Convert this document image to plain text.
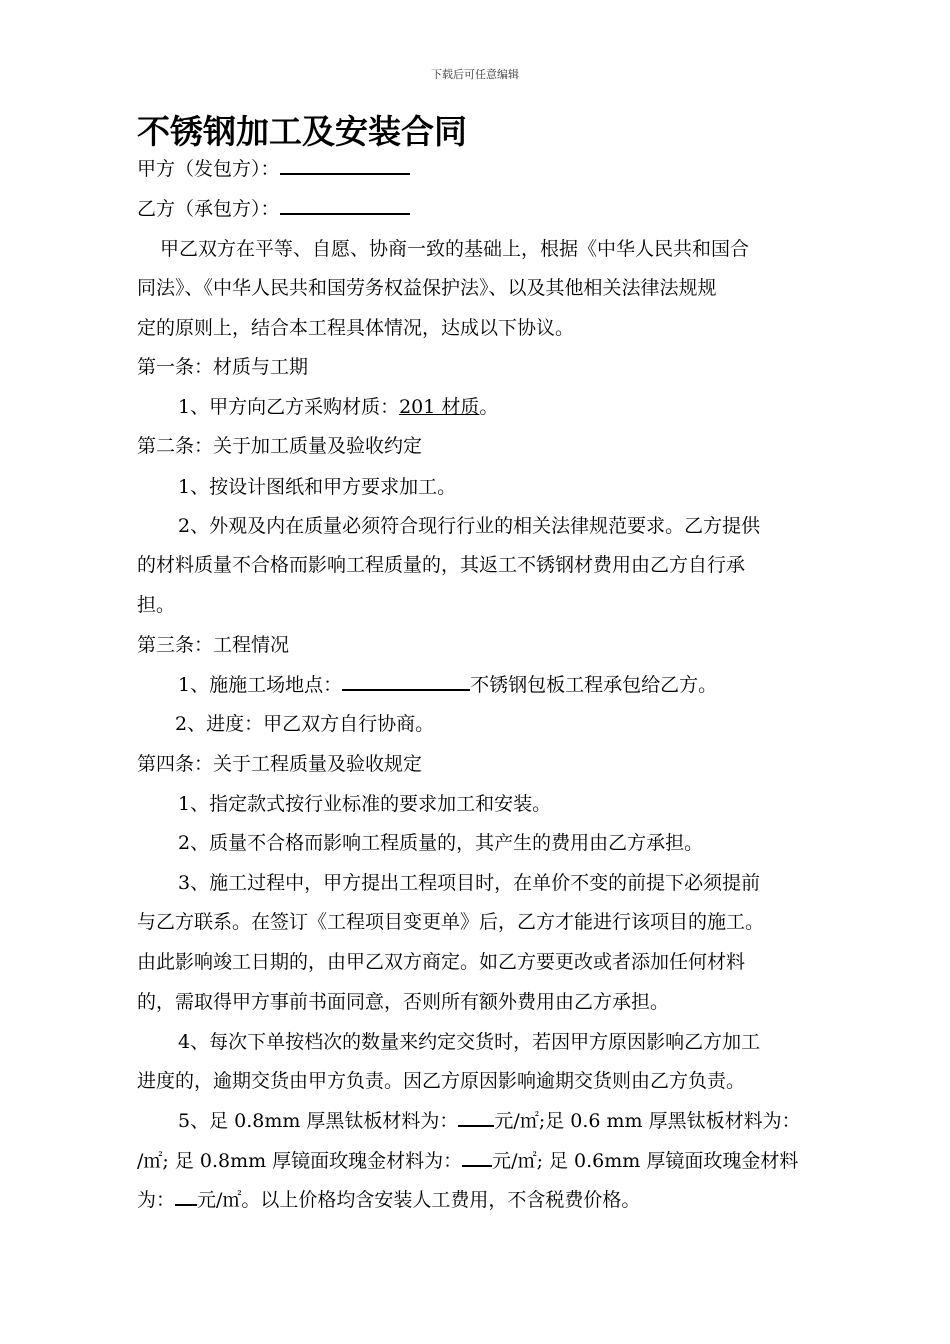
下载后可任意编辑
不锈钢加工及安装合同
甲方（发包方）：
乙方（承包方）：
甲乙双方在平等、自愿、协商一致的基础上，根据《中华人民共和国合
同法》、《中华人民共和国劳务权益保护法》、以及其他相关法律法规规
定的原则上，结合本工程具体情况，达成以下协议。
第一条：材质与工期
1、甲方向乙方采购材质：201 材质。
第二条：关于加工质量及验收约定
1、按设计图纸和甲方要求加工。
2、外观及内在质量必须符合现行行业的相关法律规范要求。乙方提供
的材料质量不合格而影响工程质量的，其返工不锈钢材费用由乙方自行承
担。
第三条：工程情况
1、施施工场地点：	不锈钢包板工程承包给乙方。
2、进度：甲乙双方自行协商。
第四条：关于工程质量及验收规定
1、指定款式按行业标准的要求加工和安装。
2、质量不合格而影响工程质量的，其产生的费用由乙方承担。
3、施工过程中，甲方提出工程项目时，在单价不变的前提下必须提前
与乙方联系。在签订《工程项目变更单》后，乙方才能进行该项目的施工。
由此影响竣工日期的，由甲乙双方商定。如乙方要更改或者添加任何材料
的，需取得甲方事前书面同意，否则所有额外费用由乙方承担。
4、每次下单按档次的数量来约定交货时，若因甲方原因影响乙方加工
进度的，逾期交货由甲方负责。因乙方原因影响逾期交货则由乙方负责。
5、足 0.8mm 厚黑钛板材料为： 元/㎡;足 0.6 mm 厚黑钛板材料为：
/㎡; 足 0.8mm 厚镜面玫瑰金材料为： 元/㎡; 足 0.6mm 厚镜面玫瑰金材料
为： 元/㎡。以上价格均含安装人工费用，不含税费价格。
